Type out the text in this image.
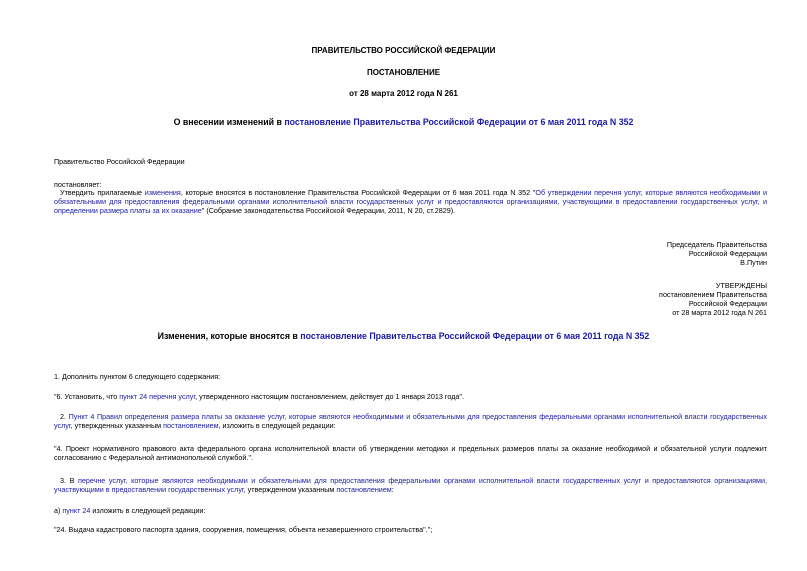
ПРАВИТЕЛЬСТВО РОССИЙСКОЙ ФЕДЕРАЦИИ
ПОСТАНОВЛЕНИЕ
от 28 марта 2012 года N 261
О внесении изменений в постановление Правительства Российской Федерации от 6 мая 2011 года N 352
Правительство Российской Федерации
постановляет:
Утвердить прилагаемые изменения, которые вносятся в постановление Правительства Российской Федерации от 6 мая 2011 года N 352 "Об утверждении перечня услуг, которые являются необходимыми и обязательными для предоставления федеральными органами исполнительной власти государственных услуг и предоставляются организациями, участвующими в предоставлении государственных услуг, и определении размера платы за их оказание" (Собрание законодательства Российской Федерации, 2011, N 20, ст.2829).
Председатель Правительства
Российской Федерации
В.Путин
УТВЕРЖДЕНЫ
постановлением Правительства
Российской Федерации
от 28 марта 2012 года N 261
Изменения, которые вносятся в постановление Правительства Российской Федерации от 6 мая 2011 года N 352
1. Дополнить пунктом 6 следующего содержания:
"6. Установить, что пункт 24 перечня услуг, утвержденного настоящим постановлением, действует до 1 января 2013 года".
2. Пункт 4 Правил определения размера платы за оказание услуг, которые являются необходимыми и обязательными для предоставления федеральными органами исполнительной власти государственных услуг, утвержденных указанным постановлением, изложить в следующей редакции:
"4. Проект нормативного правового акта федерального органа исполнительной власти об утверждении методики и предельных размеров платы за оказание необходимой и обязательной услуги подлежит согласованию с Федеральной антимонопольной службой.".
3. В перечне услуг, которые являются необходимыми и обязательными для предоставления федеральными органами исполнительной власти государственных услуг и предоставляются организациями, участвующими в предоставлении государственных услуг, утвержденном указанным постановлением:
а) пункт 24 изложить в следующей редакции:
"24. Выдача кадастрового паспорта здания, сооружения, помещения, объекта незавершенного строительства".";
